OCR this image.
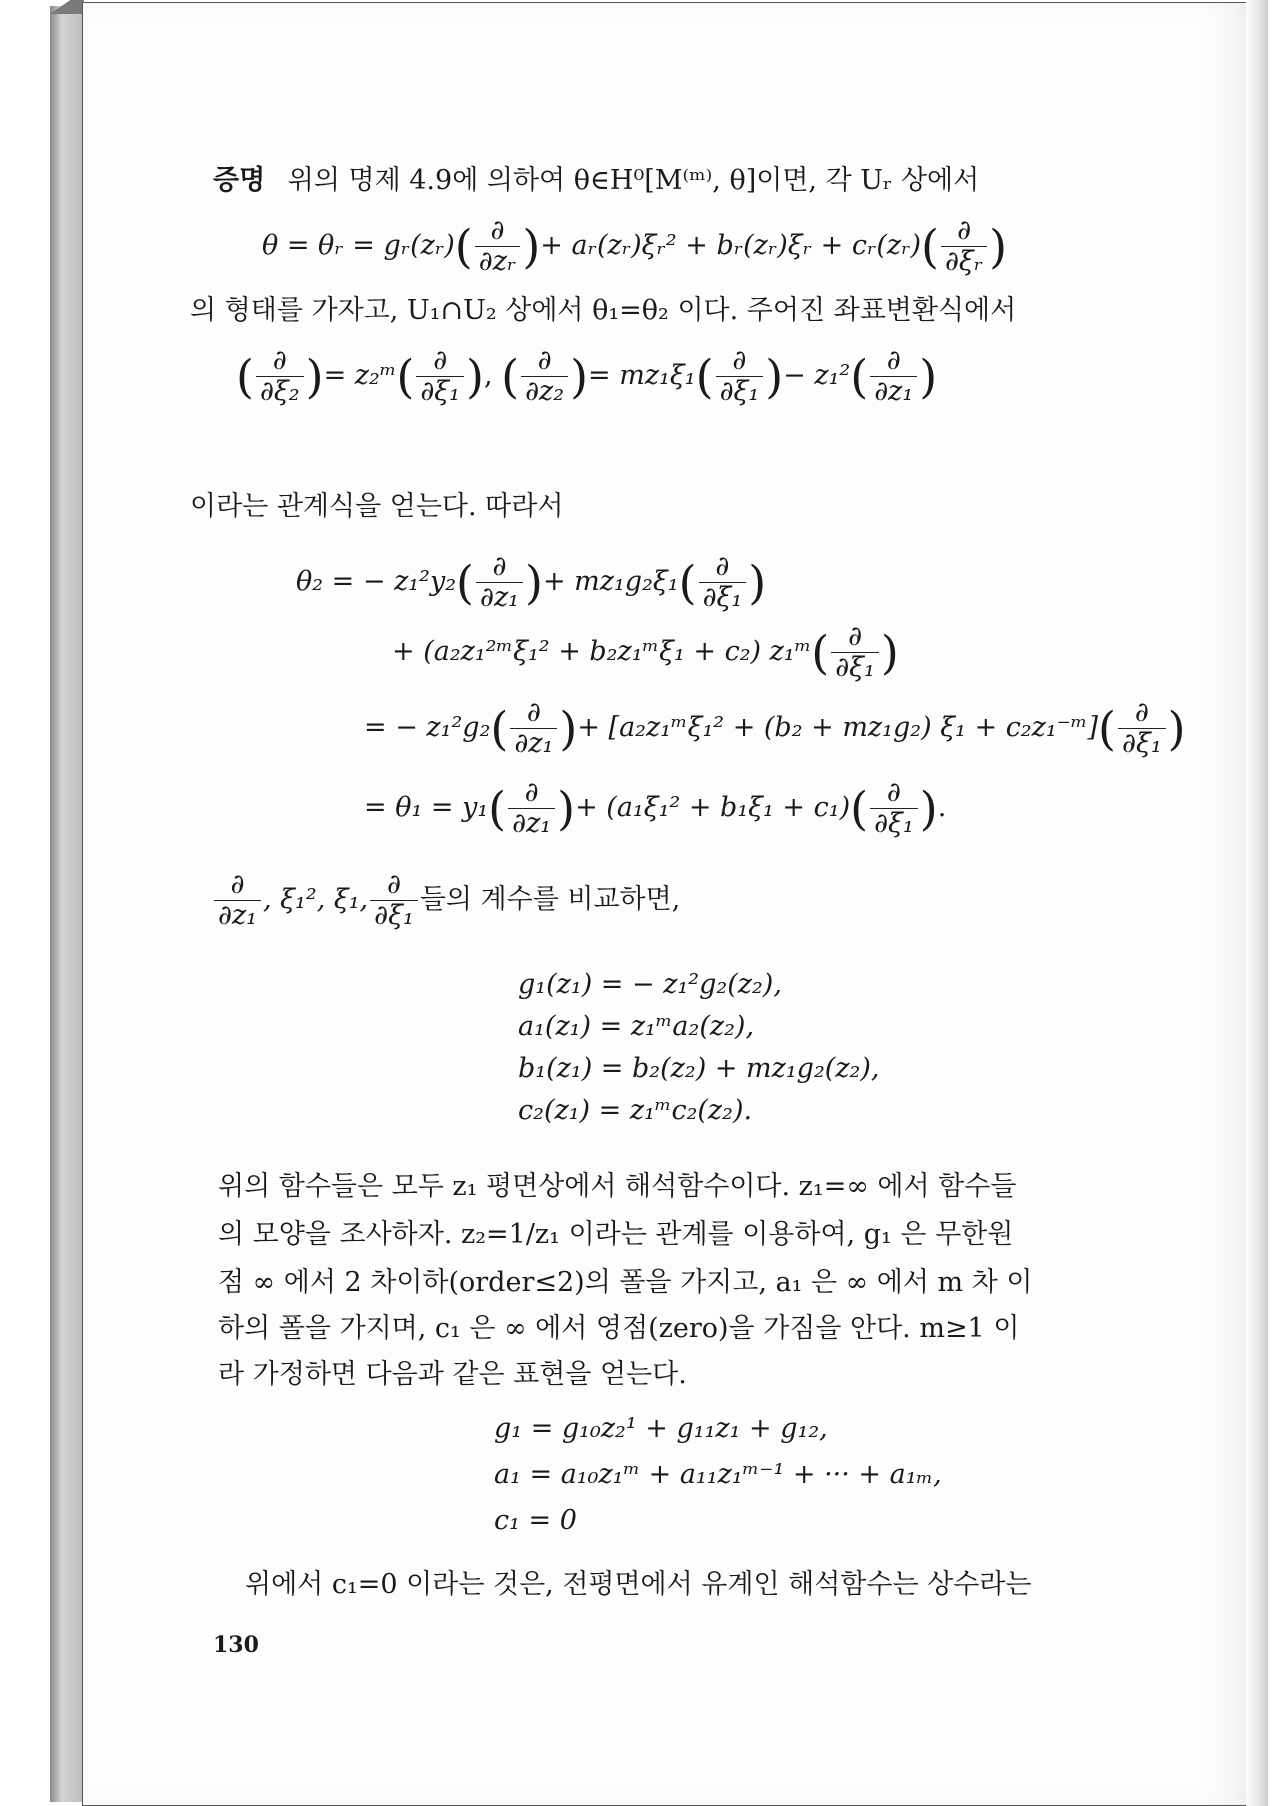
증명 위의 명제 4.9에 의하여 θ∈H⁰[M⁽ᵐ⁾, θ]이면, 각 Uᵣ 상에서
θ = θᵣ = gᵣ(zᵣ)( $\frac{\partial}{\text{∂zᵣ}}$ )+ aᵣ(zᵣ)ξᵣ² + bᵣ(zᵣ)ξᵣ + cᵣ(zᵣ)( $\frac{\partial}{\text{∂ξᵣ}}$ )
의 형태를 가자고, U₁∩U₂ 상에서 θ₁=θ₂ 이다. 주어진 좌표변환식에서
( $\frac{\partial}{\text{∂ξ₂}}$ )= z₂ᵐ( $\frac{\partial}{\text{∂ξ₁}}$ ), ( $\frac{\partial}{\text{∂z₂}}$ )= $mz_1\xi_1( \frac{\partial}{\text{∂ξ₁}}$ )− $z_1^2( \frac{\partial}{\text{∂z₁}}$ )
이라는 관계식을 얻는다. 따라서
θ₂ = − $z_1^2y_2( \frac{\partial}{\text{∂z₁}}$ )+ $mz_1g_2\xi_1( \frac{\partial}{\text{∂ξ₁}}$ )
+ (a₂z₁²ᵐξ₁² + b₂z₁ᵐξ₁ + c₂) z₁ᵐ( $\frac{\partial}{\text{∂ξ₁}}$ )
= − $z_1^2g_2( \frac{\partial}{\text{∂z₁}}$ )+ [a₂z₁ᵐξ₁² + (b₂ + mz₁g₂) ξ₁ + c₂z₁⁻ᵐ]( $\frac{\partial}{\text{∂ξ₁}}$ )
= $\theta_1 = y_1( \frac{\partial}{\text{∂z₁}}$ )+ $(a_1\xi_1^2 + b_1\xi_1 + c_1)( \frac{\partial}{\text{∂ξ₁}}$ ).
$\frac{\partial}{\text{∂z₁}}$ , ξ₁², ξ₁, $\frac{\partial}{\text{∂ξ₁}}$ 들의 계수를 비교하면,
g₁(z₁) = − z₁²g₂(z₂),
a₁(z₁) = z₁ᵐa₂(z₂),
b₁(z₁) = b₂(z₂) + mz₁g₂(z₂),
c₂(z₁) = z₁ᵐc₂(z₂).
위의 함수들은 모두 z₁ 평면상에서 해석함수이다. z₁=∞ 에서 함수들
의 모양을 조사하자. z₂=1/z₁ 이라는 관계를 이용하여, g₁ 은 무한원
점 ∞ 에서 2 차이하(order≤2)의 폴을 가지고, a₁ 은 ∞ 에서 m 차 이
하의 폴을 가지며, c₁ 은 ∞ 에서 영점(zero)을 가짐을 안다. m≥1 이
라 가정하면 다음과 같은 표현을 얻는다.
g₁ = g₁₀z₂¹ + g₁₁z₁ + g₁₂,
a₁ = a₁₀z₁ᵐ + a₁₁z₁ᵐ⁻¹ + ··· + a₁ₘ,
c₁ = 0
위에서 c₁=0 이라는 것은, 전평면에서 유계인 해석함수는 상수라는
130
